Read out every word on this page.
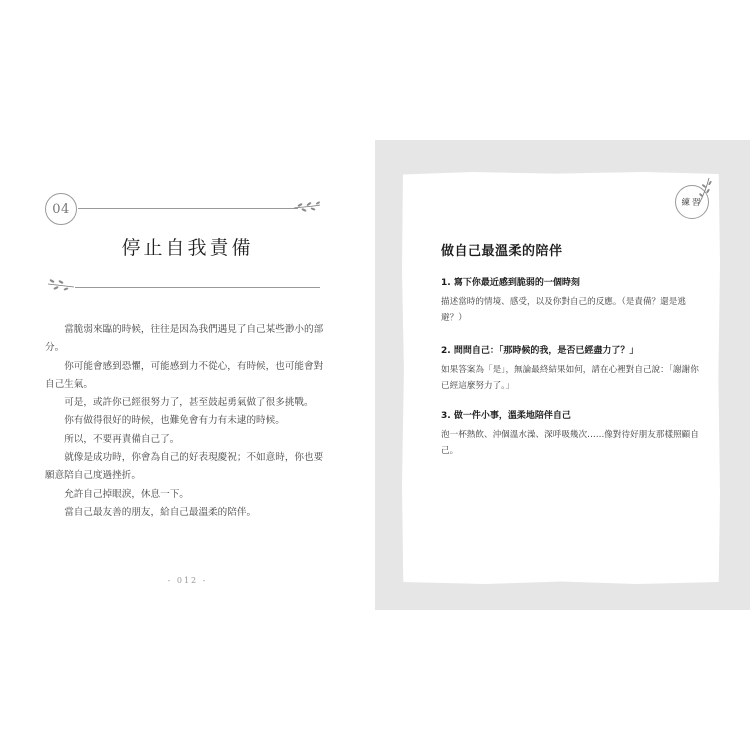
04
停止自我責備

當脆弱來臨的時候，往往是因為我們遇見了自己某些渺小的部分。

你可能會感到恐懼，可能感到力不從心，有時候，也可能會對自己生氣。

可是，或許你已經很努力了，甚至鼓起勇氣做了很多挑戰。

你有做得很好的時候，也難免會有力有未逮的時候。

所以，不要再責備自己了。

就像是成功時，你會為自己的好表現慶祝；不如意時，你也要願意陪自己度過挫折。

允許自己掉眼淚，休息一下。

當自己最友善的朋友，給自己最溫柔的陪伴。

- 012 -
練習
做自己最溫柔的陪伴

1. 寫下你最近感到脆弱的一個時刻

描述當時的情境、感受，以及你對自己的反應。（是責備？還是逃避？）

2. 問問自己：「那時候的我，是否已經盡力了？」

如果答案為「是」，無論最終結果如何，請在心裡對自己說：「謝謝你已經這麼努力了。」

3. 做一件小事，溫柔地陪伴自己

泡一杯熱飲、沖個溫水澡、深呼吸幾次……像對待好朋友那樣照顧自己。
